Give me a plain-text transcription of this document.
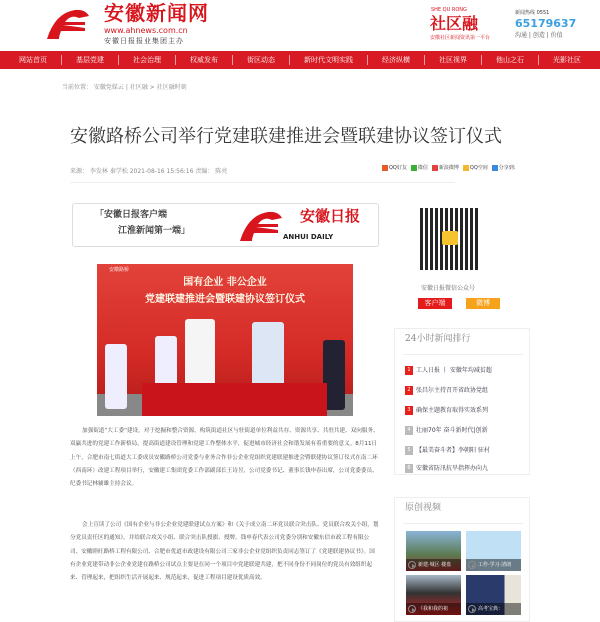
安徽新闻网
www.ahnews.com.cn
安徽日报报业集团主办
SHE QU RONG
社区融
安徽社区新闻资讯第一平台
新闻热线 0551
65179637
沟通 | 创造 | 价值
网站首页	基层党建	社会治理	权威发布	街区动态	新时代文明实践	经济纵横	社区视界	他山之石	光影社区
当前位置： 安徽党媒云 | 社区融 > 社区融时刻
安徽路桥公司举行党建联建推进会暨联建协议签订仪式
来源： 李发林 秦学松 2021-08-16 15:56:16 责编： 陈亮	QQ好友	微信	新浪微博	QQ空间	分享到:
「安徽日报客户端
江淮新闻第一端」
安徽日报
ANHUI DAILY
安徽路桥
国有企业 非公企业
党建联建推进会暨联建协议签订仪式
加强街道“大工委”建设，对于挖掘和整合资源，构筑街道社区与驻街道单位利益共存、资源共享、共驻共建、双向服务、双赢共进的党建工作新格局，提高街道建设管理和党建工作整体水平，促进城市经济社会和谐发展有着重要的意义。8月11日上午，合肥市南七街道大工委成员安徽路桥公司党委与业务合作非公企业党组织党建联建推进会暨联建协议签订仪式在南二环（西南环）改建工程项目举行，安徽建工集团党委工作部副部长王诗昱，公司党委书记、董事长钱申春出席，公司党委委员、纪委书记林辅雄主持会议。
会上宣读了公司《国有企业与非公企业党建联建试点方案》和《关于成立南二环党员联合突击队、党员联合攻关小组，划分党员责任区的通知》，并给联合攻关小组、联合突击队授旗、授牌。钱申春代表公司党委分别和安徽东信市政工程有限公司、安徽睦旺路桥工程有限公司、合肥市优道市政建设有限公司三家非公企业党组织负责同志签订了《党建联建协议书》。国有企业党建带动非公企业党建在路桥公司试点主要是在同一个项目中党建联建共建，把不同身份不同岗位的党员有效组织起来、管理起来，把组织生活开展起来、规范起来，促进工程项目建设优质高效。
安徽日报微信公众号
客户端	微博
24小时新闻排行
1 工人日报 丨 安徽年均减贫超
2 张昌尔主持召开省政协党组
3 确保主题教育取得实效系列
4 壮丽70年 奋斗新时代|创新
5 【最美奋斗者】李朝阳 驻村
6 安徽省防汛抗旱指挥办向九
原创视频
新建·城区 楼盘	工作·学习·清朗
《我和我的祖	高考宝典：
